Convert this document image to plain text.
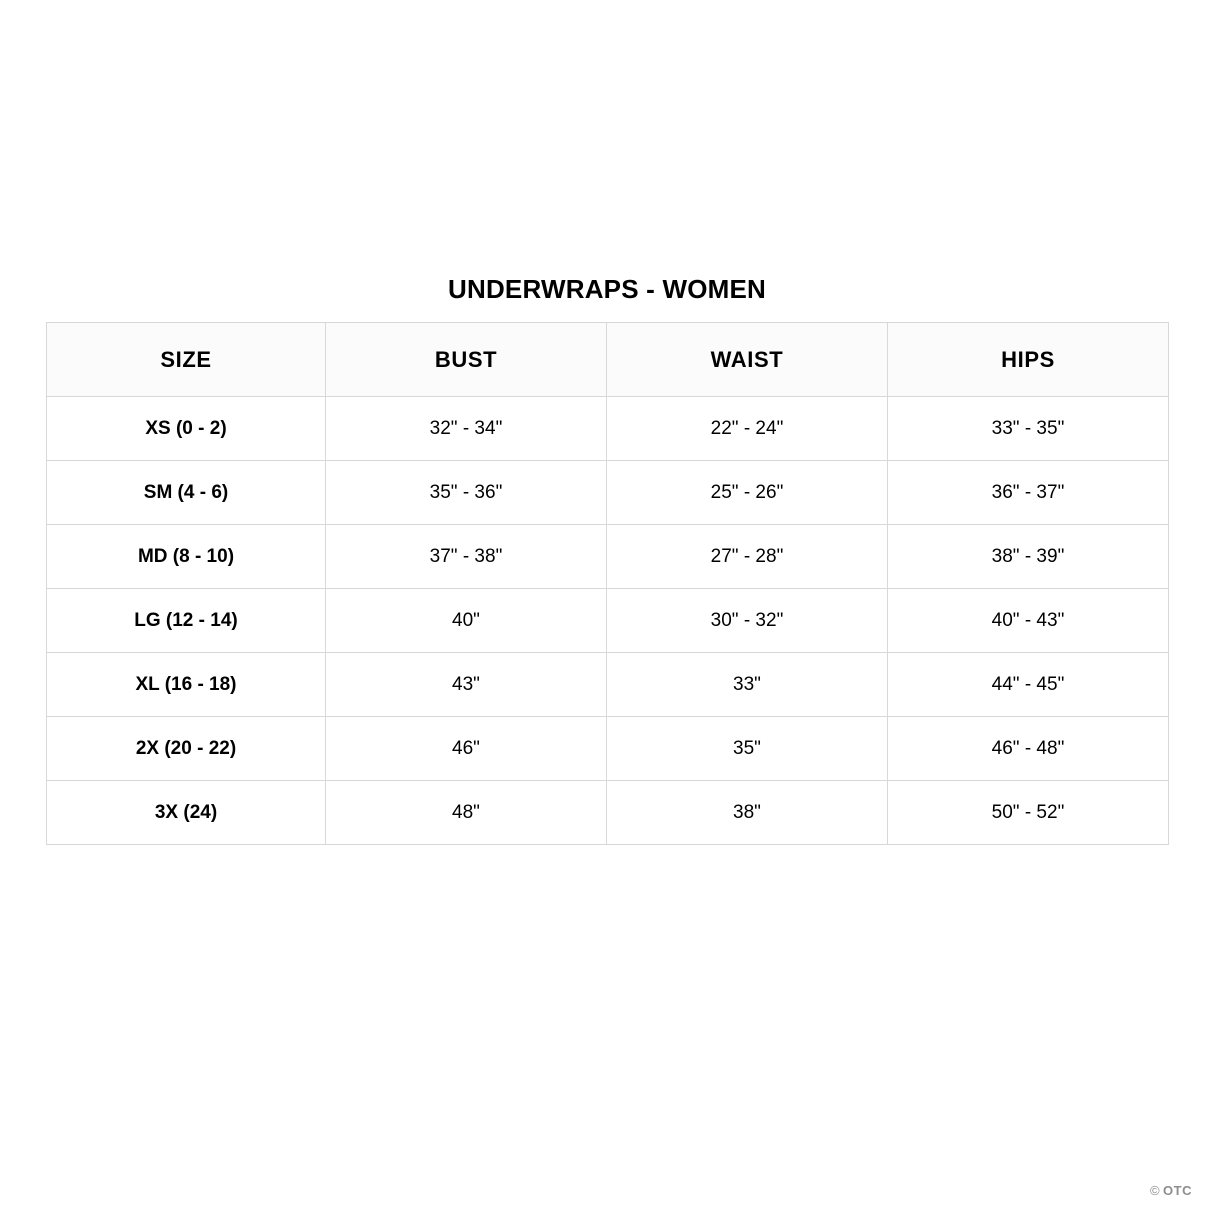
UNDERWRAPS - WOMEN
SIZE	BUST	WAIST	HIPS
XS (0 - 2)	32" - 34"	22" - 24"	33" - 35"
SM (4 - 6)	35" - 36"	25" - 26"	36" - 37"
MD (8 - 10)	37" - 38"	27" - 28"	38" - 39"
LG (12 - 14)	40"	30" - 32"	40" - 43"
XL (16 - 18)	43"	33"	44" - 45"
2X (20 - 22)	46"	35"	46" - 48"
3X (24)	48"	38"	50" - 52"
© OTC
